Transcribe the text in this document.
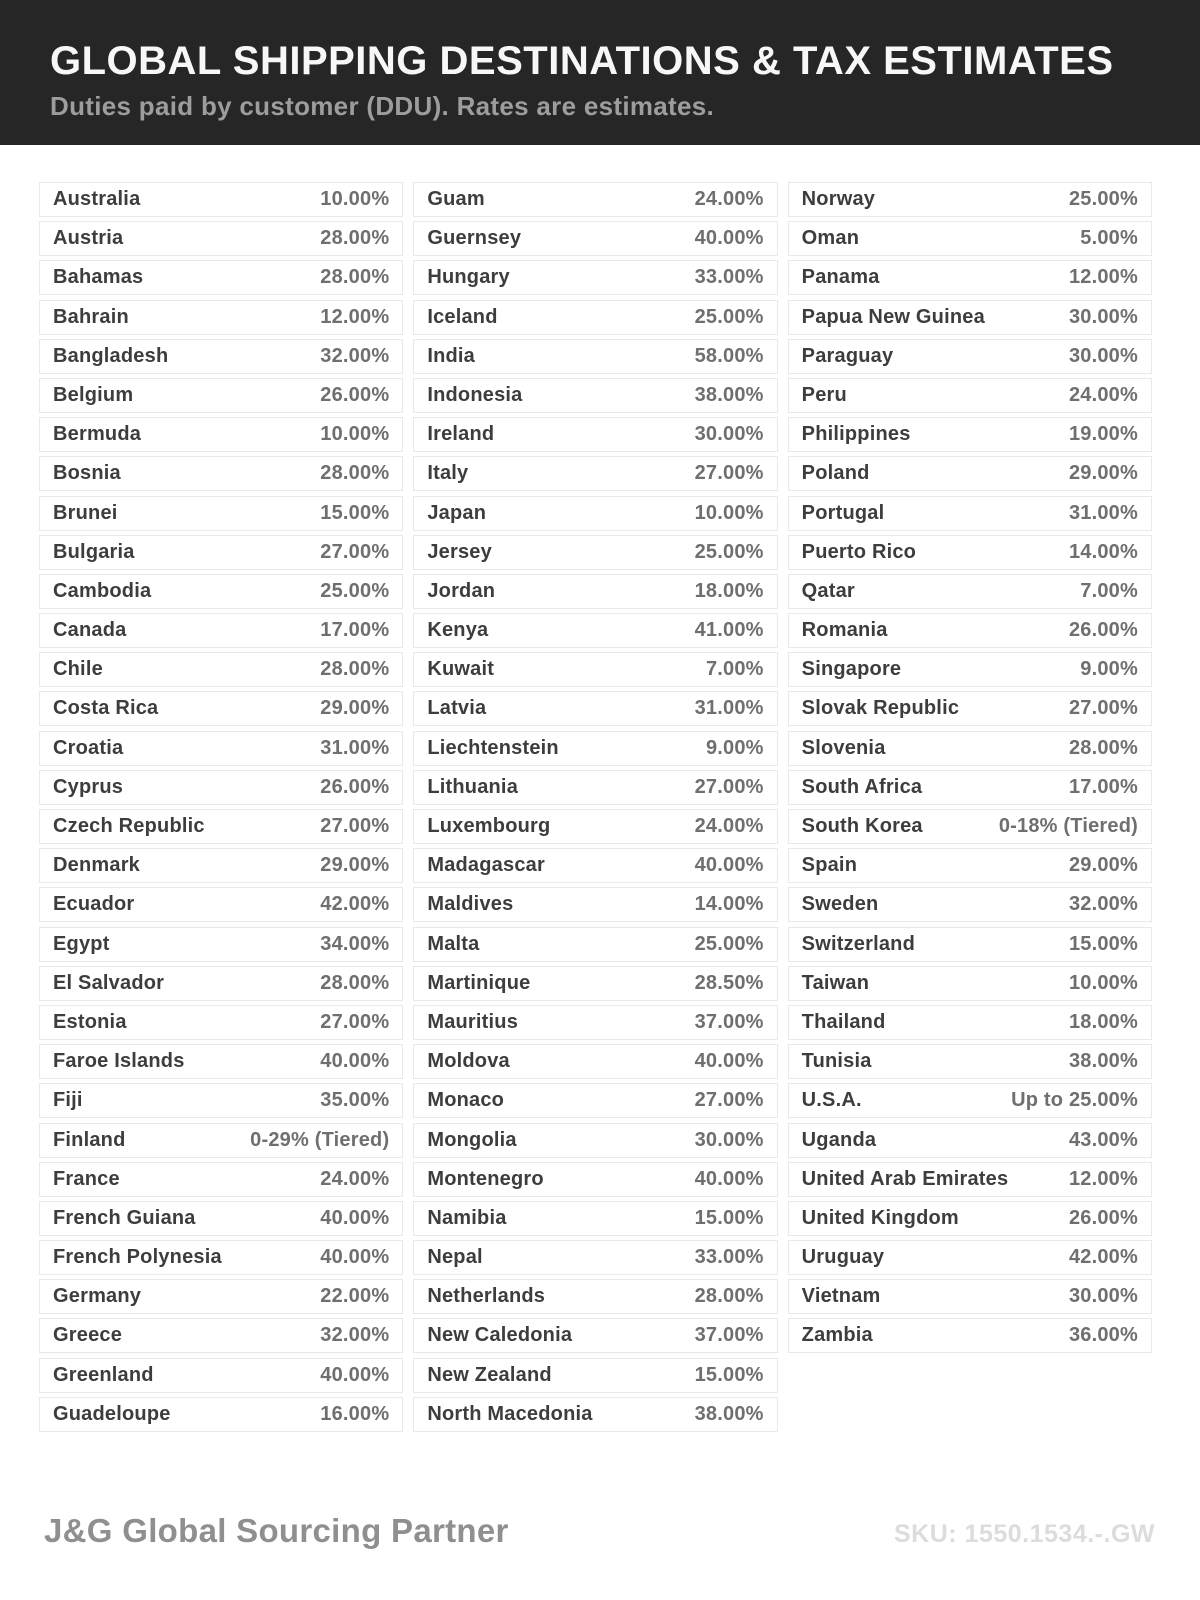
GLOBAL SHIPPING DESTINATIONS & TAX ESTIMATES

Duties paid by customer (DDU). Rates are estimates.

Australia	10.00%
Austria	28.00%
Bahamas	28.00%
Bahrain	12.00%
Bangladesh	32.00%
Belgium	26.00%
Bermuda	10.00%
Bosnia	28.00%
Brunei	15.00%
Bulgaria	27.00%
Cambodia	25.00%
Canada	17.00%
Chile	28.00%
Costa Rica	29.00%
Croatia	31.00%
Cyprus	26.00%
Czech Republic	27.00%
Denmark	29.00%
Ecuador	42.00%
Egypt	34.00%
El Salvador	28.00%
Estonia	27.00%
Faroe Islands	40.00%
Fiji	35.00%
Finland	0-29% (Tiered)
France	24.00%
French Guiana	40.00%
French Polynesia	40.00%
Germany	22.00%
Greece	32.00%
Greenland	40.00%
Guadeloupe	16.00%
Guam	24.00%
Guernsey	40.00%
Hungary	33.00%
Iceland	25.00%
India	58.00%
Indonesia	38.00%
Ireland	30.00%
Italy	27.00%
Japan	10.00%
Jersey	25.00%
Jordan	18.00%
Kenya	41.00%
Kuwait	7.00%
Latvia	31.00%
Liechtenstein	9.00%
Lithuania	27.00%
Luxembourg	24.00%
Madagascar	40.00%
Maldives	14.00%
Malta	25.00%
Martinique	28.50%
Mauritius	37.00%
Moldova	40.00%
Monaco	27.00%
Mongolia	30.00%
Montenegro	40.00%
Namibia	15.00%
Nepal	33.00%
Netherlands	28.00%
New Caledonia	37.00%
New Zealand	15.00%
North Macedonia	38.00%
Norway	25.00%
Oman	5.00%
Panama	12.00%
Papua New Guinea	30.00%
Paraguay	30.00%
Peru	24.00%
Philippines	19.00%
Poland	29.00%
Portugal	31.00%
Puerto Rico	14.00%
Qatar	7.00%
Romania	26.00%
Singapore	9.00%
Slovak Republic	27.00%
Slovenia	28.00%
South Africa	17.00%
South Korea	0-18% (Tiered)
Spain	29.00%
Sweden	32.00%
Switzerland	15.00%
Taiwan	10.00%
Thailand	18.00%
Tunisia	38.00%
U.S.A.	Up to 25.00%
Uganda	43.00%
United Arab Emirates	12.00%
United Kingdom	26.00%
Uruguay	42.00%
Vietnam	30.00%
Zambia	36.00%
J&G Global Sourcing Partner	SKU: 1550.1534.-.GW
